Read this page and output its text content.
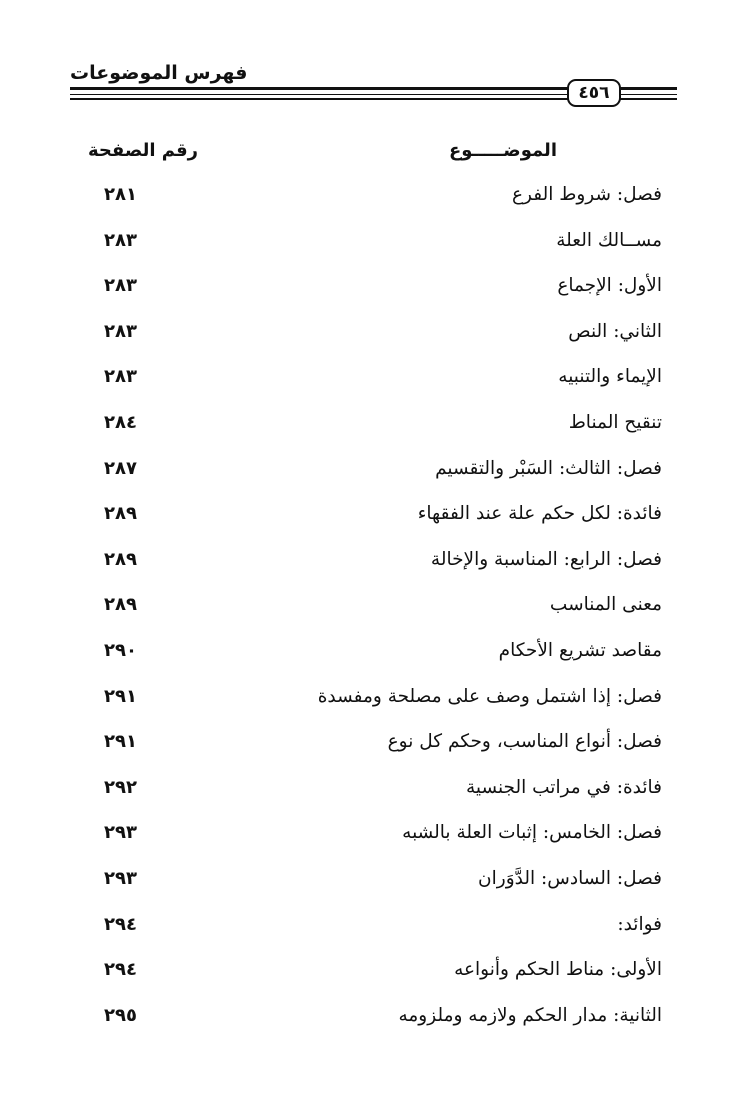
فهرس الموضوعات
٤٥٦
الموضـــــوع
رقم الصفحة
فصل: شروط الفرع
٢٨١
مســالك العلة
٢٨٣
الأول: الإجماع
٢٨٣
الثاني: النص
٢٨٣
الإيماء والتنبيه
٢٨٣
تنقيح المناط
٢٨٤
فصل: الثالث: السَبْر والتقسيم
٢٨٧
فائدة: لكل حكم علة عند الفقهاء
٢٨٩
فصل: الرابع: المناسبة والإخالة
٢٨٩
معنى المناسب
٢٨٩
مقاصد تشريع الأحكام
٢٩٠
فصل: إذا اشتمل وصف على مصلحة ومفسدة
٢٩١
فصل: أنواع المناسب، وحكم كل نوع
٢٩١
فائدة: في مراتب الجنسية
٢٩٢
فصل: الخامس: إثبات العلة بالشبه
٢٩٣
فصل: السادس: الدَّوَران
٢٩٣
فوائد:
٢٩٤
الأولى: مناط الحكم وأنواعه
٢٩٤
الثانية: مدار الحكم ولازمه وملزومه
٢٩٥
